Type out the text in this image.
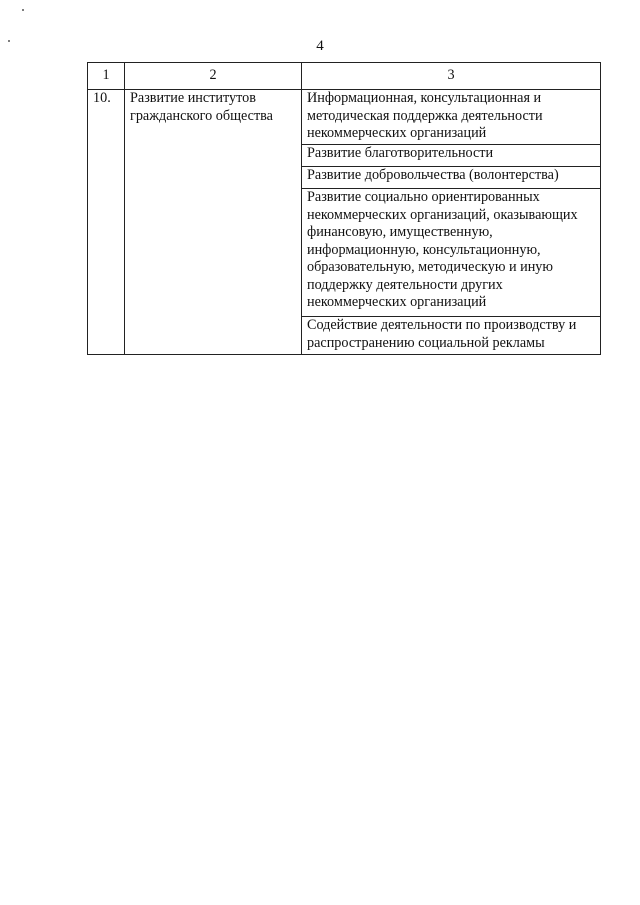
4
1	2	3
10.	Развитие институтов гражданского общества	Информационная, консультационная и методическая поддержка деятельности некоммерческих организаций
		Развитие благотворительности
		Развитие добровольчества (волонтерства)
		Развитие социально ориентированных некоммерческих организаций, оказывающих финансовую, имущественную, информационную, консультационную, образовательную, методическую и иную поддержку деятельности других некоммерческих организаций
		Содействие деятельности по производству и распространению социальной рекламы
